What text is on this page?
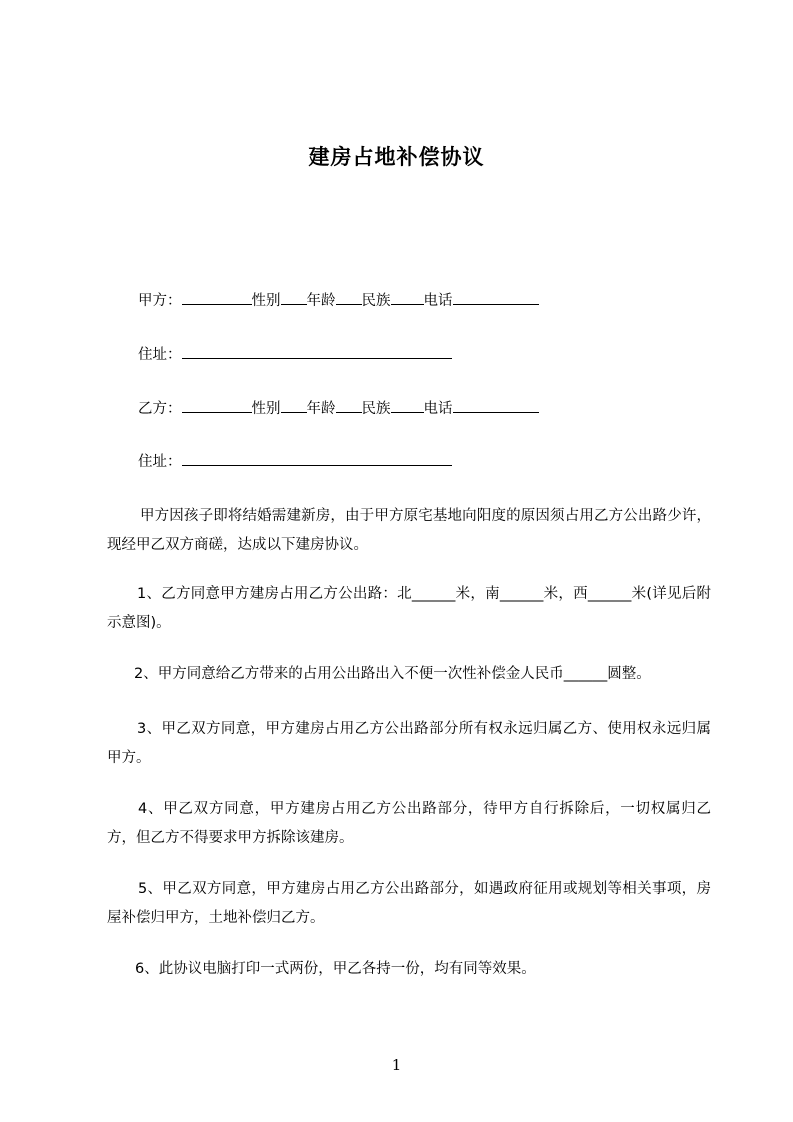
建房占地补偿协议
甲方：	性别 年龄 民族 电话
住址：
乙方：	性别 年龄 民族 电话
住址：
甲方因孩子即将结婚需建新房，由于甲方原宅基地向阳度的原因须占用乙方公出路少许，现经甲乙双方商磋，达成以下建房协议。
1、乙方同意甲方建房占用乙方公出路：北______米，南______米，西______米(详见后附示意图)。
2、甲方同意给乙方带来的占用公出路出入不便一次性补偿金人民币______圆整。
3、甲乙双方同意，甲方建房占用乙方公出路部分所有权永远归属乙方、使用权永远归属甲方。
4、甲乙双方同意，甲方建房占用乙方公出路部分，待甲方自行拆除后，一切权属归乙方，但乙方不得要求甲方拆除该建房。
5、甲乙双方同意，甲方建房占用乙方公出路部分，如遇政府征用或规划等相关事项，房屋补偿归甲方，土地补偿归乙方。
6、此协议电脑打印一式两份，甲乙各持一份，均有同等效果。
1
